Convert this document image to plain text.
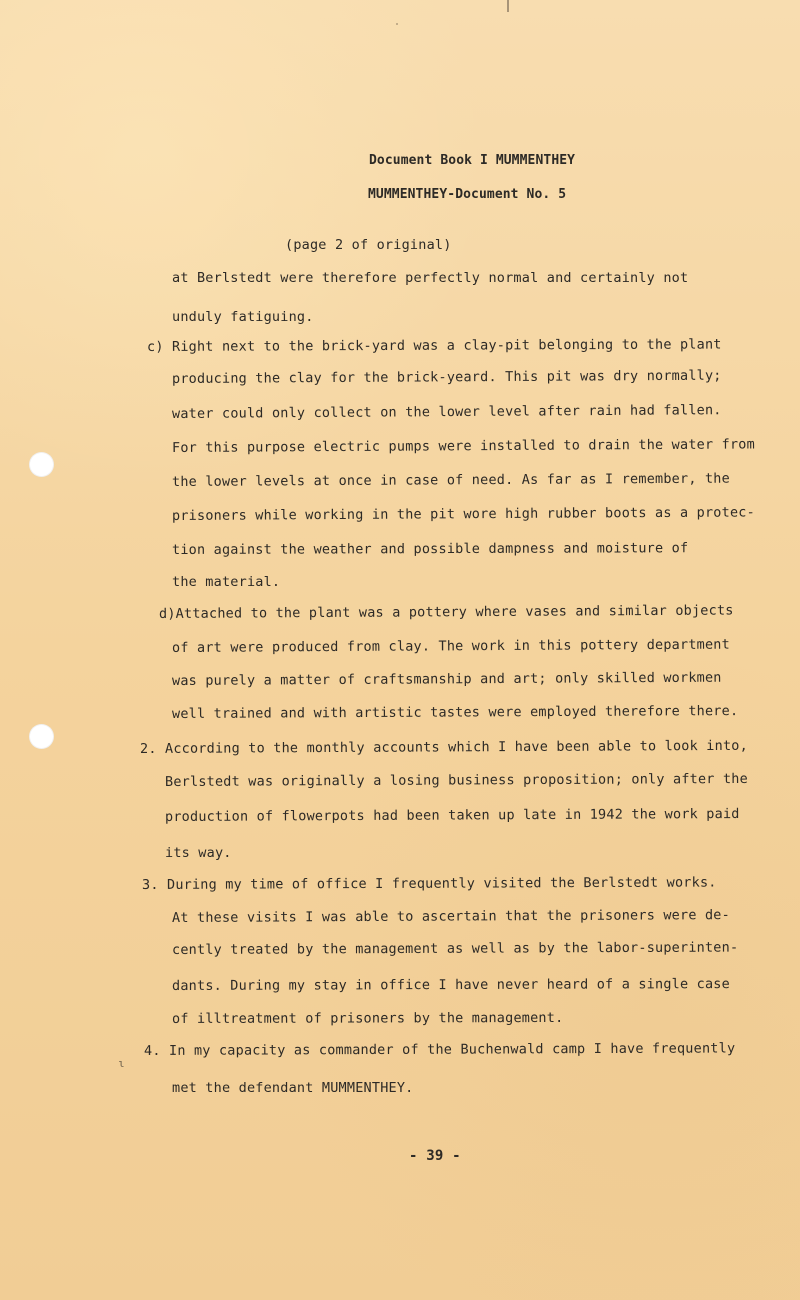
Document Book I MUMMENTHEY
MUMMENTHEY-Document No. 5
(page 2 of original)
at Berlstedt were therefore perfectly normal and certainly not
unduly fatiguing.
c) Right next to the brick-yard was a clay-pit belonging to the plant
producing the clay for the brick-yeard. This pit was dry normally;
water could only collect on the lower level after rain had fallen.
For this purpose electric pumps were installed to drain the water from
the lower levels at once in case of need. As far as I remember, the
prisoners while working in the pit wore high rubber boots as a protec-
tion against the weather and possible dampness and moisture of
the material.
d)Attached to the plant was a pottery where vases and similar objects
of art were produced from clay. The work in this pottery department
was purely a matter of craftsmanship and art; only skilled workmen
well trained and with artistic tastes were employed therefore there.
2. According to the monthly accounts which I have been able to look into,
Berlstedt was originally a losing business proposition; only after the
production of flowerpots had been taken up late in 1942 the work paid
its way.
3. During my time of office I frequently visited the Berlstedt works.
At these visits I was able to ascertain that the prisoners were de-
cently treated by the management as well as by the labor-superinten-
dants. During my stay in office I have never heard of a single case
of illtreatment of prisoners by the management.
4. In my capacity as commander of the Buchenwald camp I have frequently
met the defendant MUMMENTHEY.
ɩ
- 39 -
